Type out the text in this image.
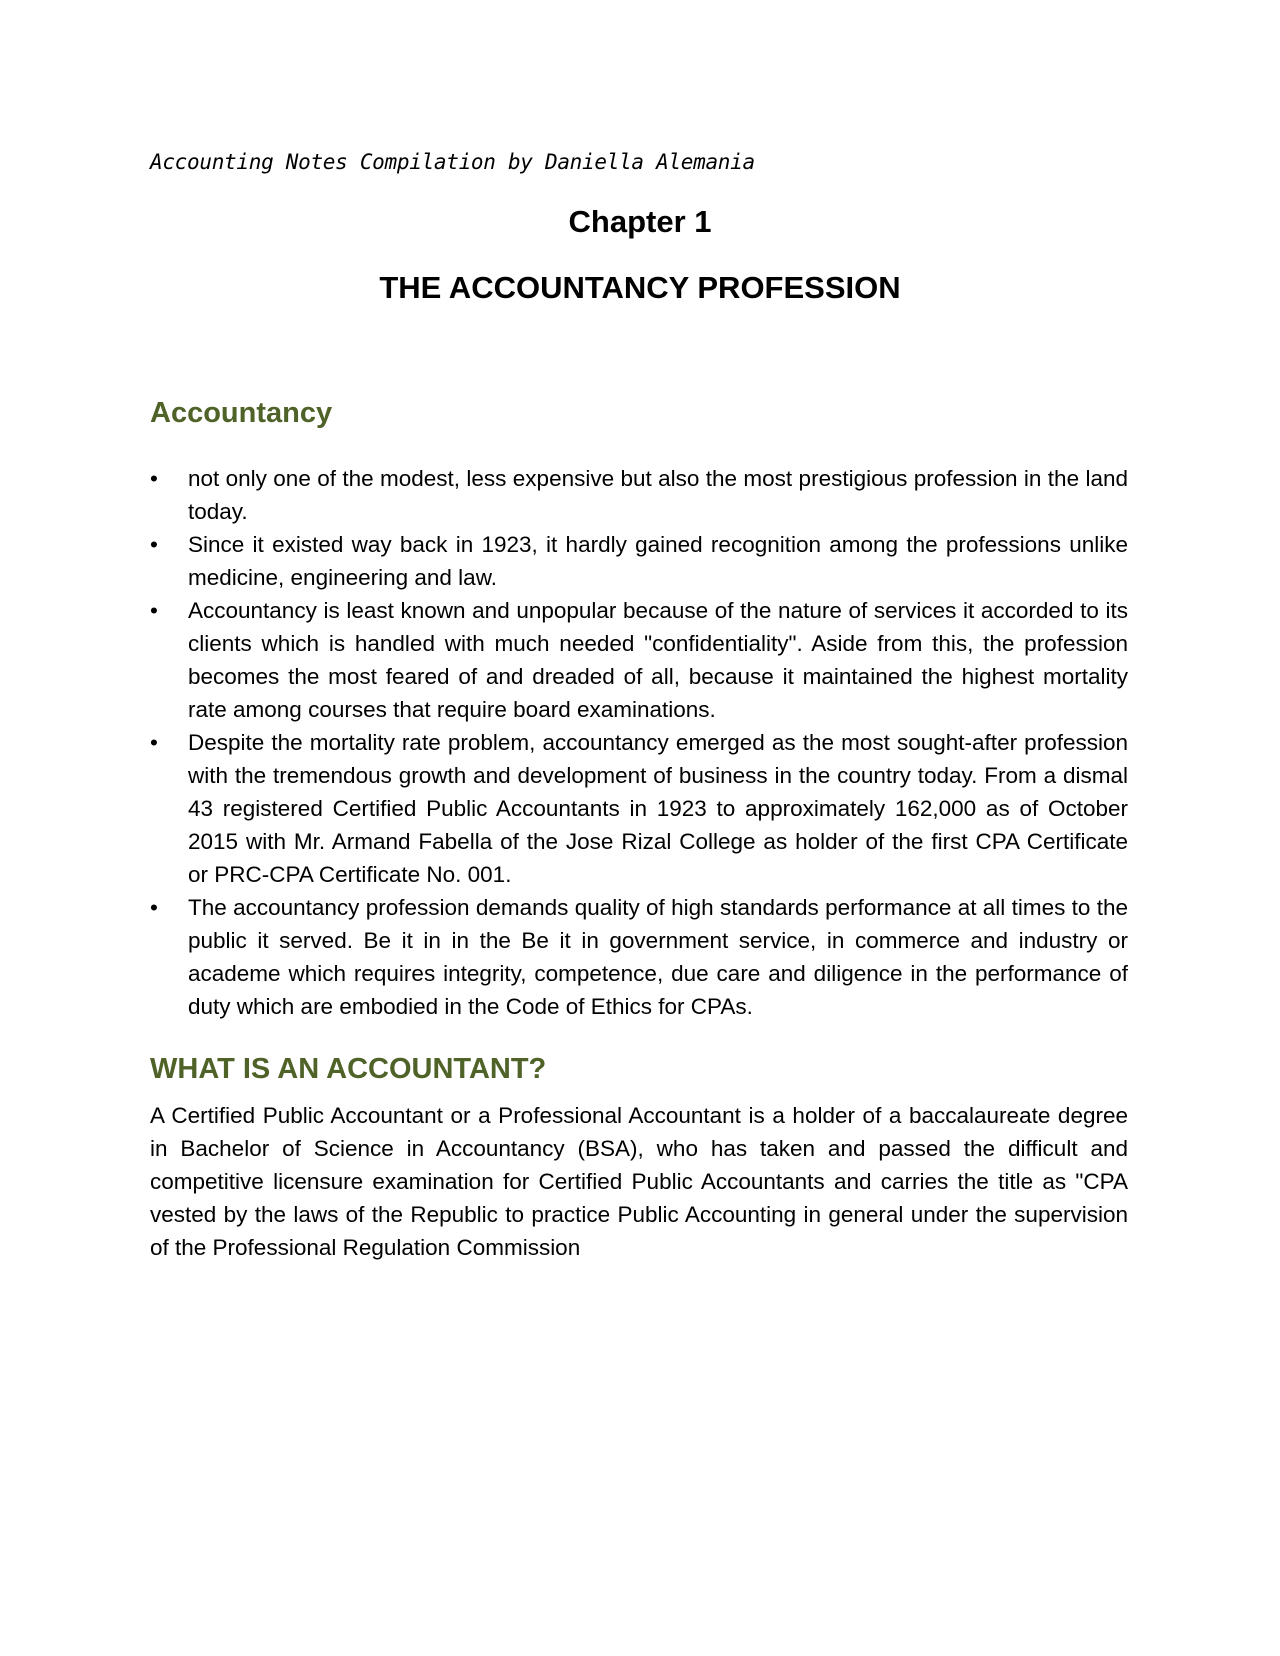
Accounting Notes Compilation by Daniella Alemania
Chapter 1
THE ACCOUNTANCY PROFESSION
Accountancy
• not only one of the modest, less expensive but also the most prestigious profession in the land today.
• Since it existed way back in 1923, it hardly gained recognition among the professions unlike medicine, engineering and law.
• Accountancy is least known and unpopular because of the nature of services it accorded to its clients which is handled with much needed "confidentiality". Aside from this, the profession becomes the most feared of and dreaded of all, because it maintained the highest mortality rate among courses that require board examinations.
• Despite the mortality rate problem, accountancy emerged as the most sought-after profession with the tremendous growth and development of business in the country today. From a dismal 43 registered Certified Public Accountants in 1923 to approximately 162,000 as of October 2015 with Mr. Armand Fabella of the Jose Rizal College as holder of the first CPA Certificate or PRC-CPA Certificate No. 001.
• The accountancy profession demands quality of high standards performance at all times to the public it served. Be it in in the Be it in government service, in commerce and industry or academe which requires integrity, competence, due care and diligence in the performance of duty which are embodied in the Code of Ethics for CPAs.
WHAT IS AN ACCOUNTANT?

A Certified Public Accountant or a Professional Accountant is a holder of a baccalaureate degree in Bachelor of Science in Accountancy (BSA), who has taken and passed the difficult and competitive licensure examination for Certified Public Accountants and carries the title as "CPA vested by the laws of the Republic to practice Public Accounting in general under the supervision of the Professional Regulation Commission
